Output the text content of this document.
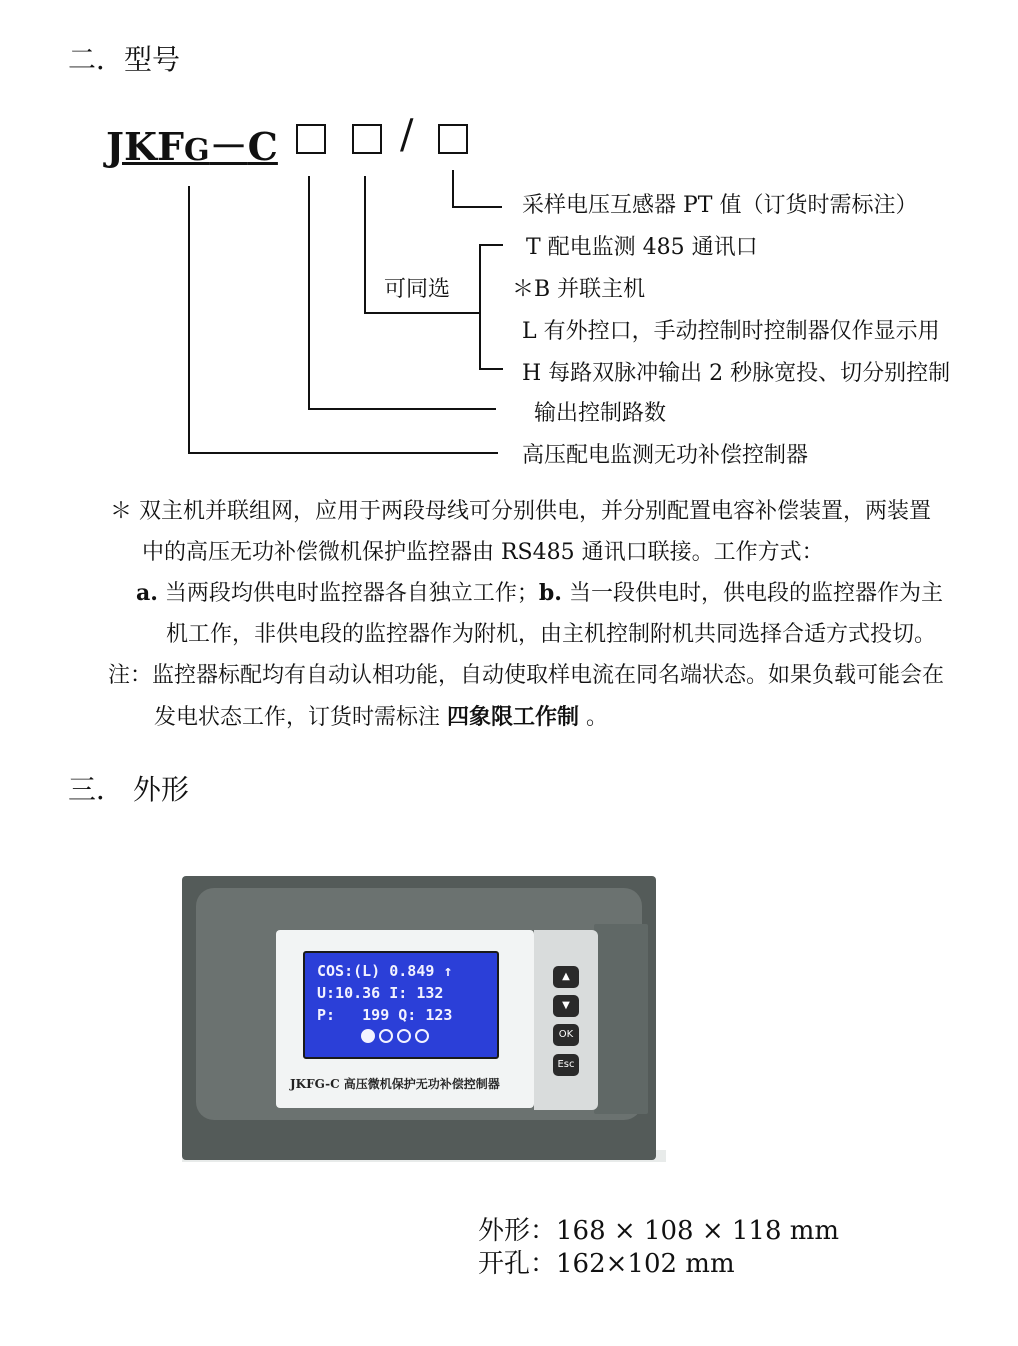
二．型号
JKFG－C	/
采样电压互感器 PT 值（订货时需标注）
T 配电监测 485 通讯口
＊B 并联主机
L 有外控口，手动控制时控制器仅作显示用
H 每路双脉冲输出 2 秒脉宽投、切分别控制
输出控制路数
高压配电监测无功补偿控制器
可同选
＊ 双主机并联组网，应用于两段母线可分别供电，并分别配置电容补偿装置，两装置
中的高压无功补偿微机保护监控器由 RS485 通讯口联接。工作方式：
a. 当两段均供电时监控器各自独立工作；b. 当一段供电时，供电段的监控器作为主
机工作，非供电段的监控器作为附机，由主机控制附机共同选择合适方式投切。
注：监控器标配均有自动认相功能，自动使取样电流在同名端状态。如果负载可能会在
发电状态工作，订货时需标注 四象限工作制 。
三． 外形
COS:(L) 0.849 ↑
U:10.36 I: 132
P:   199 Q: 123
▲
▼
OK
Esc
JKFG-C 高压微机保护无功补偿控制器
外形：168 × 108 × 118 mm
开孔：162×102 mm
